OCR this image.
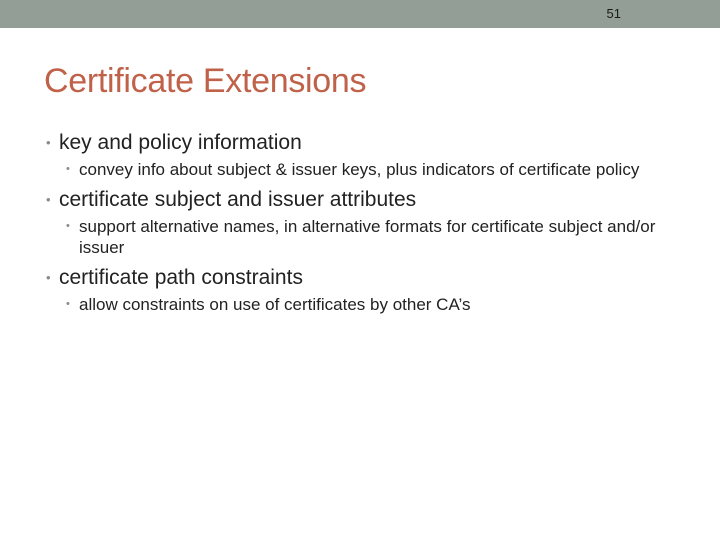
51
Certificate Extensions
• key and policy information
• convey info about subject & issuer keys, plus indicators of certificate policy
• certificate subject and issuer attributes
• support alternative names, in alternative formats for certificate subject and/or issuer
• certificate path constraints
• allow constraints on use of certificates by other CA’s
